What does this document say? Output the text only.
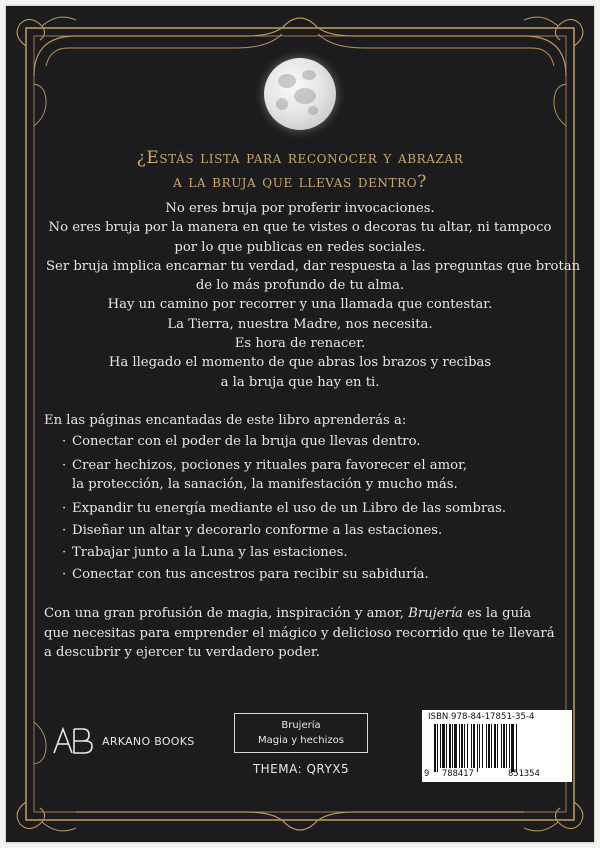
¿Estás lista para reconocer y abrazar
a la bruja que llevas dentro?
No eres bruja por proferir invocaciones.
No eres bruja por la manera en que te vistes o decoras tu altar, ni tampoco
por lo que publicas en redes sociales.
Ser bruja implica encarnar tu verdad, dar respuesta a las preguntas que brotan
de lo más profundo de tu alma.
Hay un camino por recorrer y una llamada que contestar.
La Tierra, nuestra Madre, nos necesita.
Es hora de renacer.
Ha llegado el momento de que abras los brazos y recibas
a la bruja que hay en ti.
En las páginas encantadas de este libro aprenderás a:
· Conectar con el poder de la bruja que llevas dentro.
· Crear hechizos, pociones y rituales para favorecer el amor,
la protección, la sanación, la manifestación y mucho más.
· Expandir tu energía mediante el uso de un Libro de las sombras.
· Diseñar un altar y decorarlo conforme a las estaciones.
· Trabajar junto a la Luna y las estaciones.
· Conectar con tus ancestros para recibir su sabiduría.
Con una gran profusión de magia, inspiración y amor, Brujería es la guía
que necesitas para emprender el mágico y delicioso recorrido que te llevará
a descubrir y ejercer tu verdadero poder.
ARKANO BOOKS
Brujería
Magia y hechizos
THEMA: QRYX5
ISBN 978-84-17851-35-4
9 788417	851354
